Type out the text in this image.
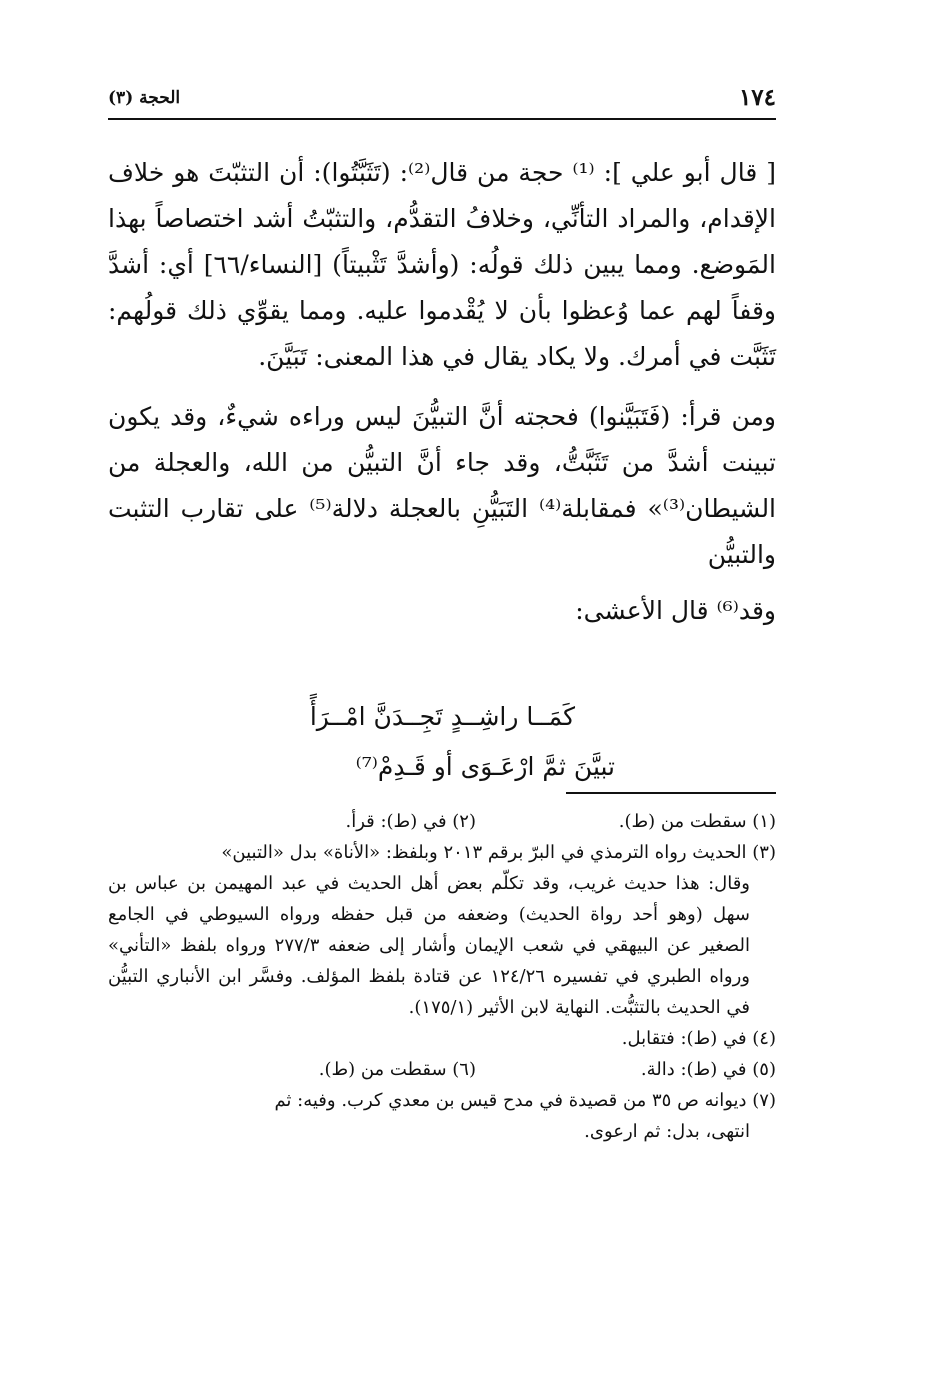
١٧٤
الحجة (٣)

[ قال أبو علي ]: ⁽¹⁾ حجة من قال⁽²⁾: (تَثَبَّتُوا): أن التثبّتَ هو خلاف الإقدام، والمراد التأنِّي، وخلافُ التقدُّم، والتثبّتُ أشد اختصاصاً بهذا المَوضع. ومما يبين ذلك قولُه: (وأشدَّ تَثْبيتاً) [النساء/٦٦] أي: أشدَّ وقفاً لهم عما وُعظوا بأن لا يُقْدموا عليه. ومما يقوِّي ذلك قولُهم: تَثَبَّت في أمرك. ولا يكاد يقال في هذا المعنى: تَبَيَّنَ.

ومن قرأ: (فَتَبَيَّنوا) فحجته أنَّ التبيُّنَ ليس وراءه شيءٌ، وقد يكون تبينت أشدَّ من تَثَبَّتُّ، وقد جاء أنَّ التبيُّن من الله، والعجلة من الشيطان⁽³⁾» فمقابلة⁽⁴⁾ التَبَيُّنِ بالعجلة دلالة⁽⁵⁾ على تقارب التثبت والتبيُّن

وقد⁽⁶⁾ قال الأعشى:

كَمَــا راشِــدٍ تَجِــدَنَّ امْــرَأً
تبيَّنَ ثمَّ ارْعَـوَى أو قَـدِمْ⁽⁷⁾
(١) سقطت من (ط).
(٢) في (ط): قرأ.

(٣) الحديث رواه الترمذي في البرّ برقم ٢٠١٣ وبلفظ: «الأناة» بدل «التبين»

وقال: هذا حديث غريب، وقد تكلّم بعض أهل الحديث في عبد المهيمن بن عباس بن سهل (وهو أحد رواة الحديث) وضعفه من قبل حفظه ورواه السيوطي في الجامع الصغير عن البيهقي في شعب الإيمان وأشار إلى ضعفه ٢٧٧/٣ ورواه بلفظ «التأني» ورواه الطبري في تفسيره ١٢٤/٢٦ عن قتادة بلفظ المؤلف. وفسَّر ابن الأنباري التبيُّن في الحديث بالتثبُّت. النهاية لابن الأثير (١٧٥/١).

(٤) في (ط): فتقابل.

(٥) في (ط): دالة.
(٦) سقطت من (ط).

(٧) ديوانه ص ٣٥ من قصيدة في مدح قيس بن معدي كرب. وفيه: ثم

انتهى، بدل: ثم ارعوى.
